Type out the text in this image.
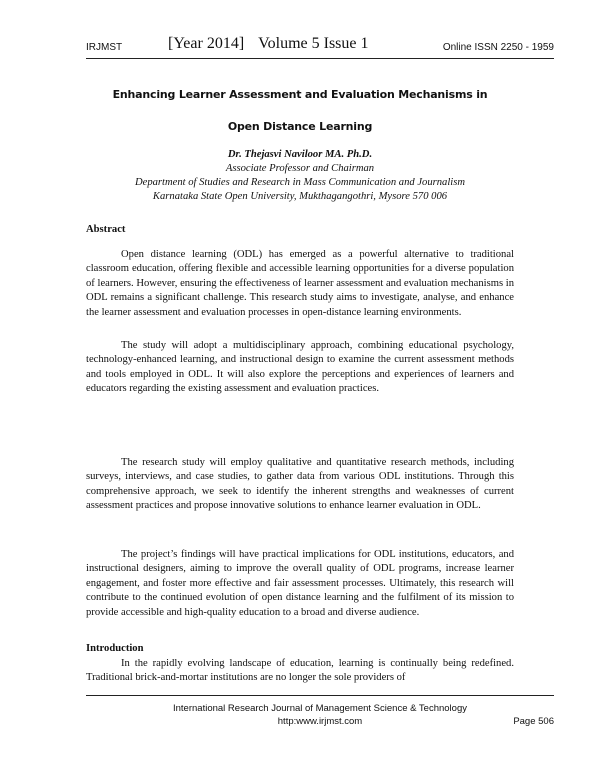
IRJMST	[Year 2014] Volume 5 Issue 1	Online ISSN 2250 - 1959
Enhancing Learner Assessment and Evaluation Mechanisms in
Open Distance Learning
Dr. Thejasvi Naviloor MA. Ph.D.
Associate Professor and Chairman
Department of Studies and Research in Mass Communication and Journalism
Karnataka State Open University, Mukthagangothri, Mysore 570 006
Abstract

Open distance learning (ODL) has emerged as a powerful alternative to traditional classroom education, offering flexible and accessible learning opportunities for a diverse population of learners. However, ensuring the effectiveness of learner assessment and evaluation mechanisms in ODL remains a significant challenge. This research study aims to investigate, analyse, and enhance the learner assessment and evaluation processes in open-distance learning environments.

The study will adopt a multidisciplinary approach, combining educational psychology, technology-enhanced learning, and instructional design to examine the current assessment methods and tools employed in ODL. It will also explore the perceptions and experiences of learners and educators regarding the existing assessment and evaluation practices.

The research study will employ qualitative and quantitative research methods, including surveys, interviews, and case studies, to gather data from various ODL institutions. Through this comprehensive approach, we seek to identify the inherent strengths and weaknesses of current assessment practices and propose innovative solutions to enhance learner evaluation in ODL.

The project’s findings will have practical implications for ODL institutions, educators, and instructional designers, aiming to improve the overall quality of ODL programs, increase learner engagement, and foster more effective and fair assessment processes. Ultimately, this research will contribute to the continued evolution of open distance learning and the fulfilment of its mission to provide accessible and high-quality education to a broad and diverse audience.

Introduction

In the rapidly evolving landscape of education, learning is continually being redefined. Traditional brick-and-mortar institutions are no longer the sole providers of

International Research Journal of Management Science & Technology
http:www.irjmst.com	Page 506
